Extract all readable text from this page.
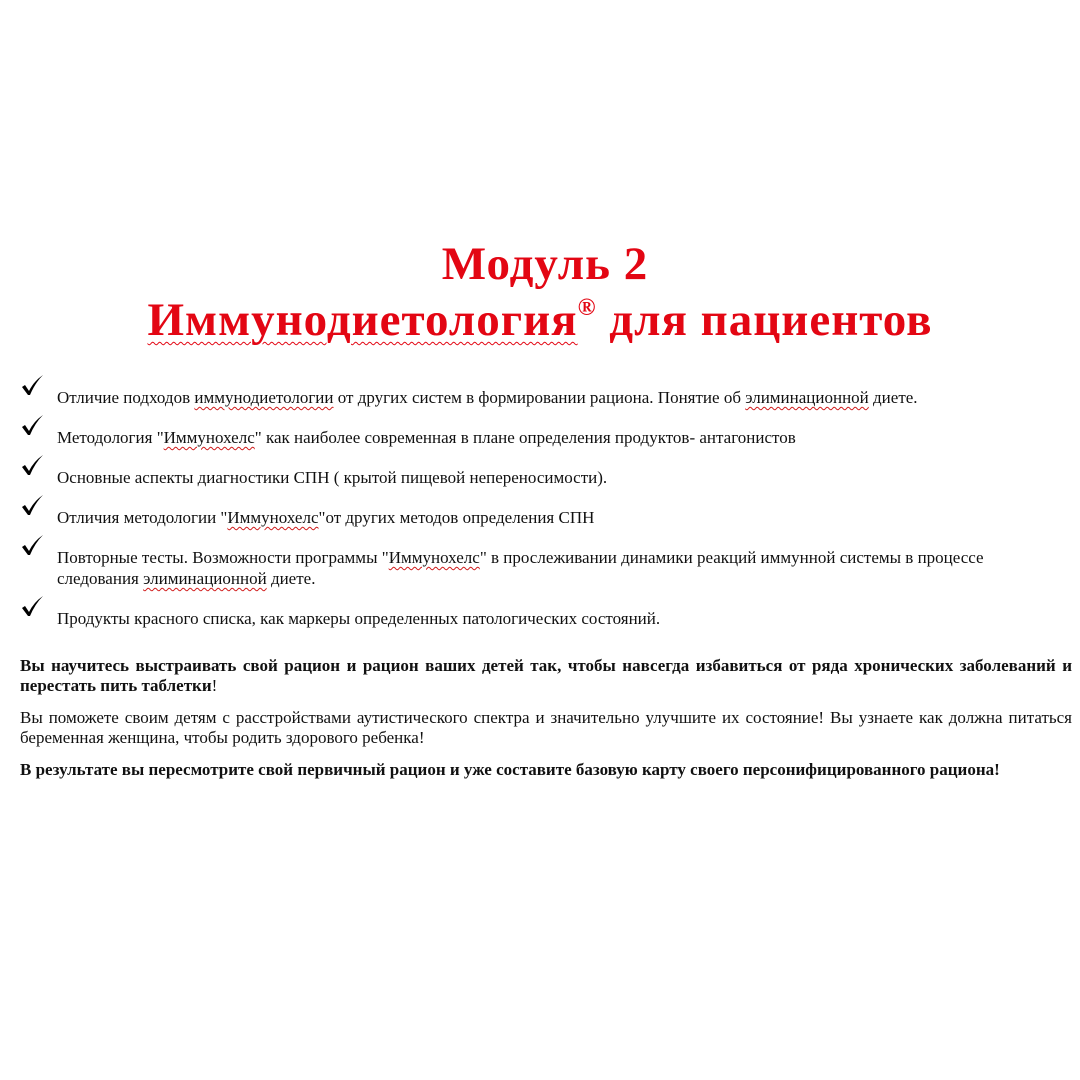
Модуль 2
Иммунодиетология® для пациентов
Отличие подходов иммунодиетологии от других систем в формировании рациона. Понятие об элиминационной диете.
Методология "Иммунохелс" как наиболее современная в плане определения продуктов- антагонистов
Основные аспекты диагностики СПН ( крытой пищевой непереносимости).
Отличия методологии "Иммунохелс"от других методов определения СПН
Повторные тесты. Возможности программы "Иммунохелс" в прослеживании динамики реакций иммунной системы в процессе следования элиминационной диете.
Продукты красного списка, как маркеры определенных патологических состояний.

Вы научитесь выстраивать свой рацион и рацион ваших детей так, чтобы навсегда избавиться от ряда хронических заболеваний и перестать пить таблетки!

Вы поможете своим детям с расстройствами аутистического спектра и значительно улучшите их состояние! Вы узнаете как должна питаться беременная женщина, чтобы родить здорового ребенка!

В результате вы пересмотрите свой первичный рацион и уже составите базовую карту своего персонифицированного рациона!
